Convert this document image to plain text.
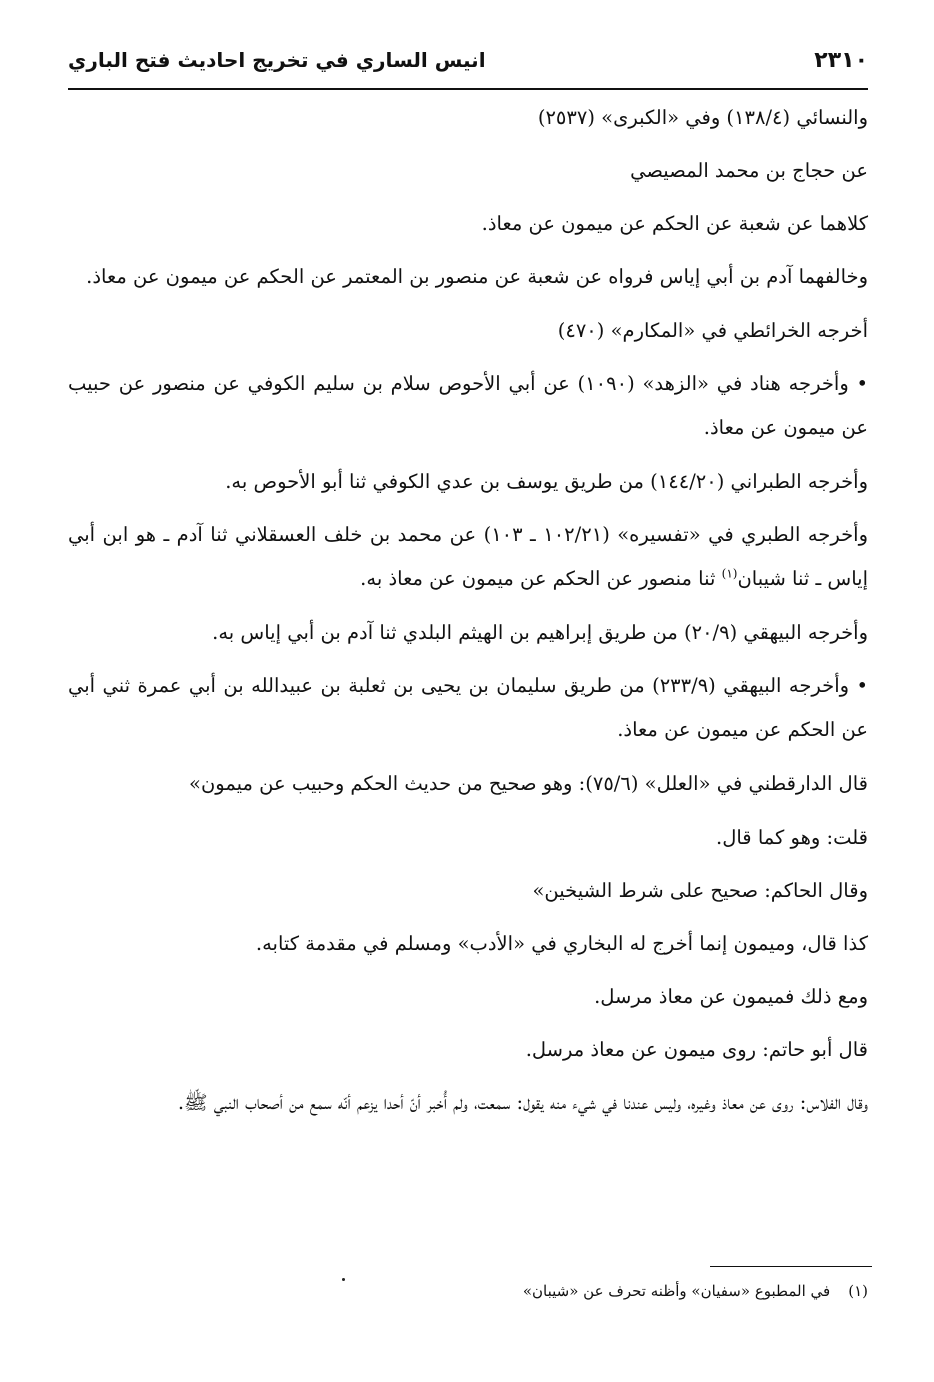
انيس الساري في تخريج احاديث فتح الباري	٢٣١٠

والنسائي (١٣٨/٤) وفي «الكبرى» (٢٥٣٧)

عن حجاج بن محمد المصيصي

كلاهما عن شعبة عن الحكم عن ميمون عن معاذ.

وخالفهما آدم بن أبي إياس فرواه عن شعبة عن منصور بن المعتمر عن الحكم عن ميمون عن معاذ.

أخرجه الخرائطي في «المكارم» (٤٧٠)

• وأخرجه هناد في «الزهد» (١٠٩٠) عن أبي الأحوص سلام بن سليم الكوفي عن منصور عن حبيب عن ميمون عن معاذ.

وأخرجه الطبراني (١٤٤/٢٠) من طريق يوسف بن عدي الكوفي ثنا أبو الأحوص به.

وأخرجه الطبري في «تفسيره» (١٠٢/٢١ ـ ١٠٣) عن محمد بن خلف العسقلاني ثنا آدم ـ هو ابن أبي إياس ـ ثنا شيبان$^{(١)}$ ثنا منصور عن الحكم عن ميمون عن معاذ به.

وأخرجه البيهقي (٢٠/٩) من طريق إبراهيم بن الهيثم البلدي ثنا آدم بن أبي إياس به.

• وأخرجه البيهقي (٢٣٣/٩) من طريق سليمان بن يحيى بن ثعلبة بن عبيدالله بن أبي عمرة ثني أبي عن الحكم عن ميمون عن معاذ.

قال الدارقطني في «العلل» (٧٥/٦): وهو صحيح من حديث الحكم وحبيب عن ميمون»

قلت: وهو كما قال.

وقال الحاكم: صحيح على شرط الشيخين»

كذا قال، وميمون إنما أخرج له البخاري في «الأدب» ومسلم في مقدمة كتابه.

ومع ذلك فميمون عن معاذ مرسل.

قال أبو حاتم: روى ميمون عن معاذ مرسل.

وقال الفلاس: روى عن معاذ وغيره، وليس عندنا في شيء منه يقول: سمعت، ولم أُخبر أنّ أحدا يزعم أنّه سمع من أصحاب النبي ﷺ.

(١)في المطبوع «سفيان» وأظنه تحرف عن «شيبان»
